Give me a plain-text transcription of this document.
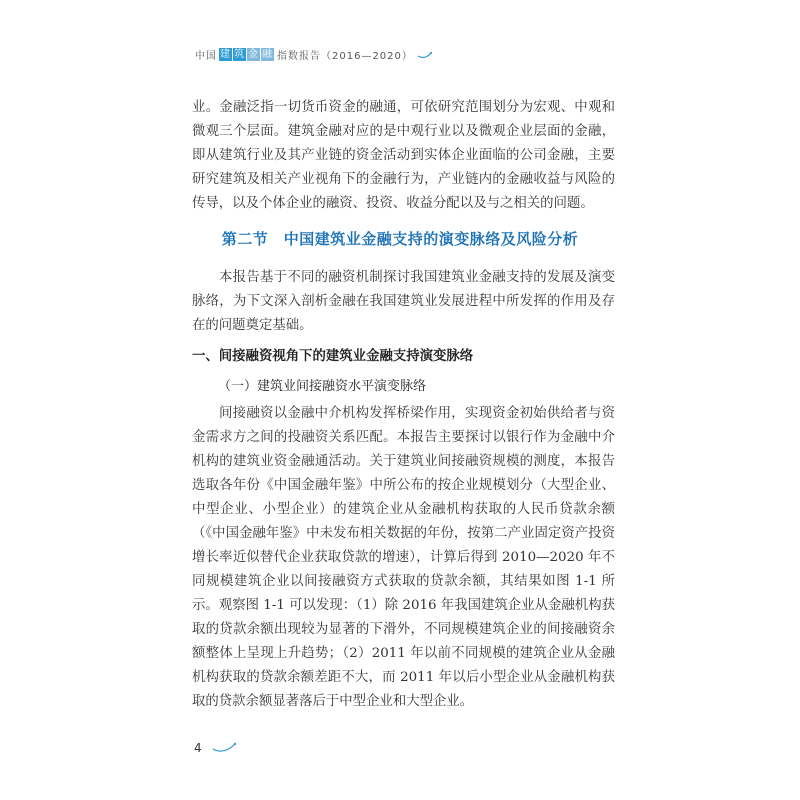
中国 建 筑 金 融 指数报告（2016—2020）

业。金融泛指一切货币资金的融通，可依研究范围划分为宏观、中观和微观三个层面。建筑金融对应的是中观行业以及微观企业层面的金融，即从建筑行业及其产业链的资金活动到实体企业面临的公司金融，主要研究建筑及相关产业视角下的金融行为，产业链内的金融收益与风险的传导，以及个体企业的融资、投资、收益分配以及与之相关的问题。

第二节　中国建筑业金融支持的演变脉络及风险分析

本报告基于不同的融资机制探讨我国建筑业金融支持的发展及演变脉络，为下文深入剖析金融在我国建筑业发展进程中所发挥的作用及存在的问题奠定基础。

一、间接融资视角下的建筑业金融支持演变脉络
（一）建筑业间接融资水平演变脉络

间接融资以金融中介机构发挥桥梁作用，实现资金初始供给者与资金需求方之间的投融资关系匹配。本报告主要探讨以银行作为金融中介机构的建筑业资金融通活动。关于建筑业间接融资规模的测度，本报告选取各年份《中国金融年鉴》中所公布的按企业规模划分（大型企业、中型企业、小型企业）的建筑企业从金融机构获取的人民币贷款余额（《中国金融年鉴》中未发布相关数据的年份，按第二产业固定资产投资增长率近似替代企业获取贷款的增速），计算后得到 2010—2020 年不同规模建筑企业以间接融资方式获取的贷款余额，其结果如图 1-1 所示。观察图 1-1 可以发现：（1）除 2016 年我国建筑企业从金融机构获取的贷款余额出现较为显著的下滑外，不同规模建筑企业的间接融资余额整体上呈现上升趋势；（2）2011 年以前不同规模的建筑企业从金融机构获取的贷款余额差距不大，而 2011 年以后小型企业从金融机构获取的贷款余额显著落后于中型企业和大型企业。

4
